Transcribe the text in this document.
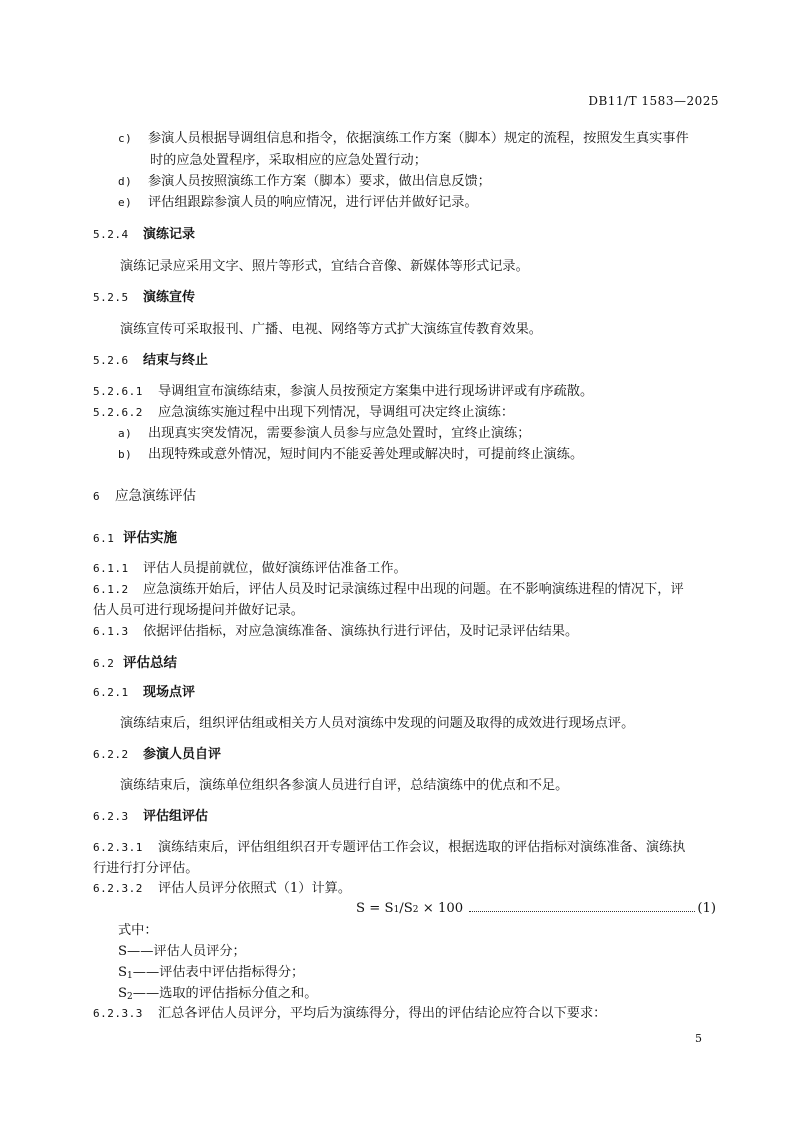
DB11/T 1583—2025
c) 参演人员根据导调组信息和指令，依据演练工作方案（脚本）规定的流程，按照发生真实事件
时的应急处置程序，采取相应的应急处置行动；
d) 参演人员按照演练工作方案（脚本）要求，做出信息反馈；
e) 评估组跟踪参演人员的响应情况，进行评估并做好记录。
5.2.4 演练记录
演练记录应采用文字、照片等形式，宜结合音像、新媒体等形式记录。
5.2.5 演练宣传
演练宣传可采取报刊、广播、电视、网络等方式扩大演练宣传教育效果。
5.2.6 结束与终止
5.2.6.1 导调组宣布演练结束，参演人员按预定方案集中进行现场讲评或有序疏散。
5.2.6.2 应急演练实施过程中出现下列情况，导调组可决定终止演练：
a) 出现真实突发情况，需要参演人员参与应急处置时，宜终止演练；
b) 出现特殊或意外情况，短时间内不能妥善处理或解决时，可提前终止演练。
6 应急演练评估
6.1 评估实施
6.1.1 评估人员提前就位，做好演练评估准备工作。
6.1.2 应急演练开始后，评估人员及时记录演练过程中出现的问题。在不影响演练进程的情况下，评
估人员可进行现场提问并做好记录。
6.1.3 依据评估指标，对应急演练准备、演练执行进行评估，及时记录评估结果。
6.2 评估总结
6.2.1 现场点评
演练结束后，组织评估组或相关方人员对演练中发现的问题及取得的成效进行现场点评。
6.2.2 参演人员自评
演练结束后，演练单位组织各参演人员进行自评，总结演练中的优点和不足。
6.2.3 评估组评估
6.2.3.1 演练结束后，评估组组织召开专题评估工作会议，根据选取的评估指标对演练准备、演练执
行进行打分评估。
6.2.3.2 评估人员评分依照式（1）计算。
S
=
S 1 / S 2
×
100	(1)
式中：
S——评估人员评分；
$S_1——$评估表中评估指标得分；
$S_2——$选取的评估指标分值之和。
6.2.3.3 汇总各评估人员评分，平均后为演练得分，得出的评估结论应符合以下要求：
5
